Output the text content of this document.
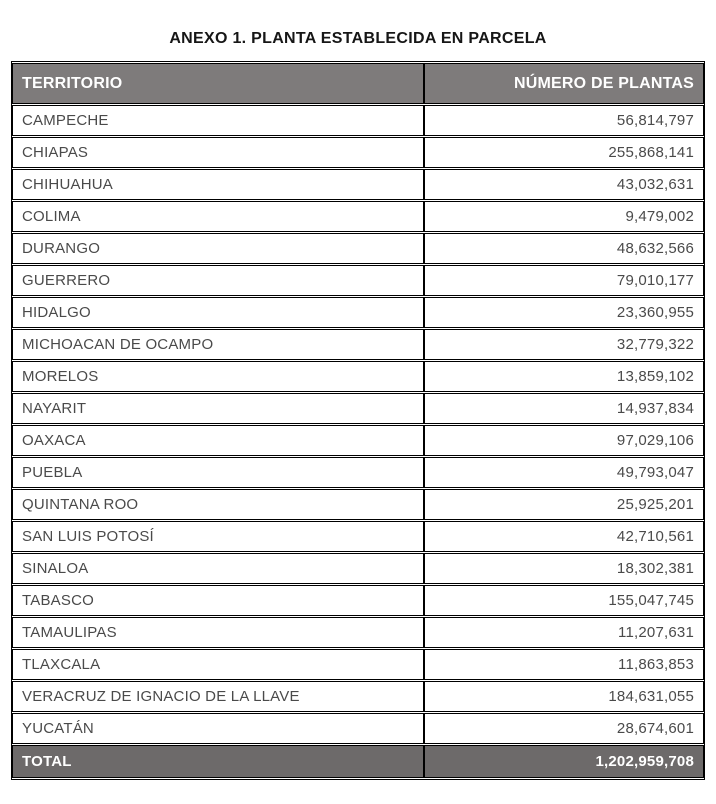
ANEXO 1. PLANTA ESTABLECIDA EN PARCELA
TERRITORIO	NÚMERO DE PLANTAS
CAMPECHE	56,814,797
CHIAPAS	255,868,141
CHIHUAHUA	43,032,631
COLIMA	9,479,002
DURANGO	48,632,566
GUERRERO	79,010,177
HIDALGO	23,360,955
MICHOACAN DE OCAMPO	32,779,322
MORELOS	13,859,102
NAYARIT	14,937,834
OAXACA	97,029,106
PUEBLA	49,793,047
QUINTANA ROO	25,925,201
SAN LUIS POTOSÍ	42,710,561
SINALOA	18,302,381
TABASCO	155,047,745
TAMAULIPAS	11,207,631
TLAXCALA	11,863,853
VERACRUZ DE IGNACIO DE LA LLAVE	184,631,055
YUCATÁN	28,674,601
TOTAL	1,202,959,708
